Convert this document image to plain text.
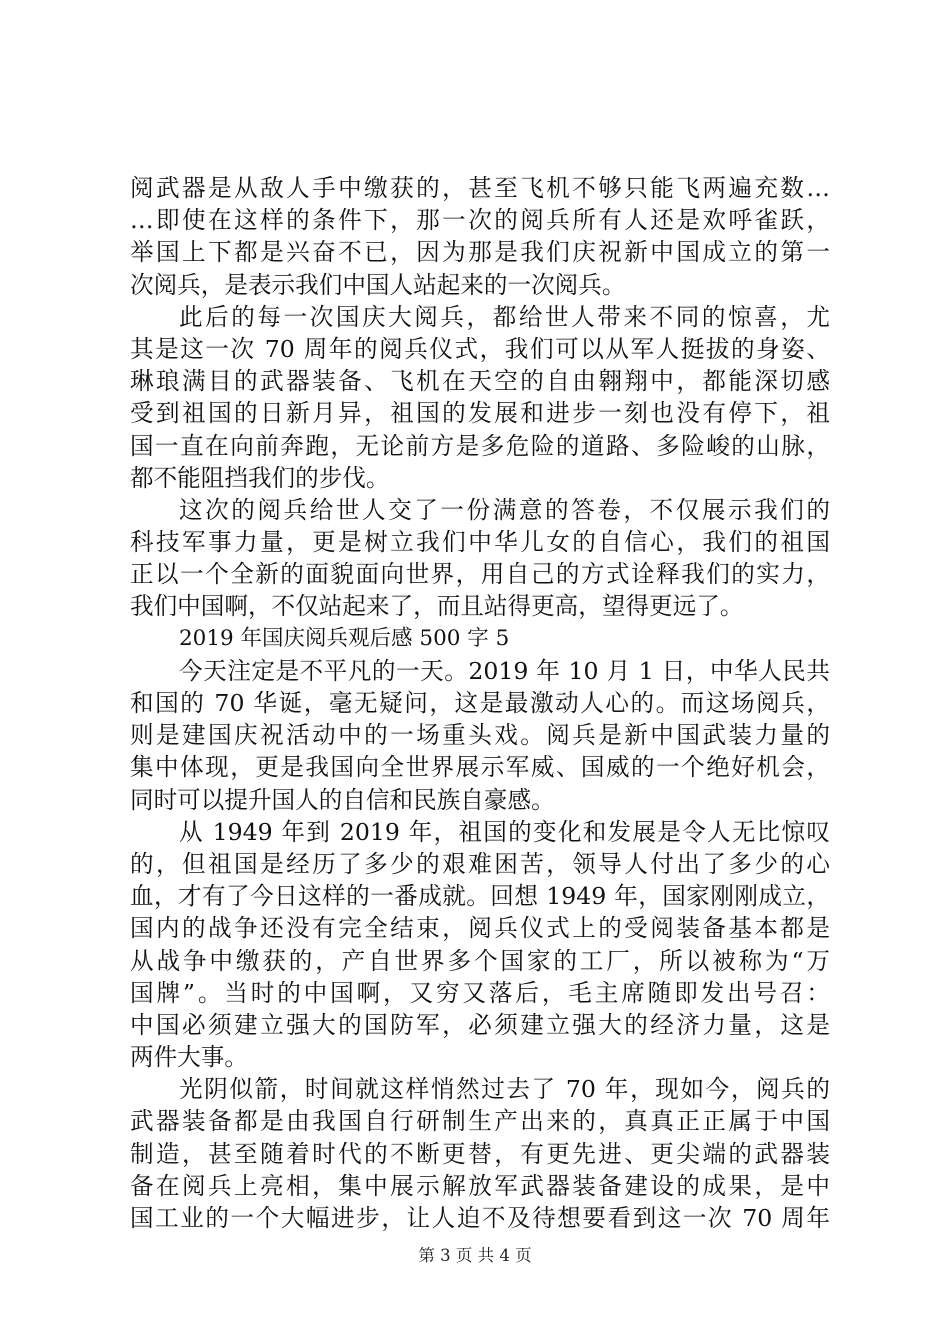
阅武器是从敌人手中缴获的，甚至飞机不够只能飞两遍充数…
…即使在这样的条件下，那一次的阅兵所有人还是欢呼雀跃，
举国上下都是兴奋不已，因为那是我们庆祝新中国成立的第一
次阅兵，是表示我们中国人站起来的一次阅兵。
此后的每一次国庆大阅兵，都给世人带来不同的惊喜，尤
其是这一次 70 周年的阅兵仪式，我们可以从军人挺拔的身姿、
琳琅满目的武器装备、飞机在天空的自由翱翔中，都能深切感
受到祖国的日新月异，祖国的发展和进步一刻也没有停下，祖
国一直在向前奔跑，无论前方是多危险的道路、多险峻的山脉，
都不能阻挡我们的步伐。
这次的阅兵给世人交了一份满意的答卷，不仅展示我们的
科技军事力量，更是树立我们中华儿女的自信心，我们的祖国
正以一个全新的面貌面向世界，用自己的方式诠释我们的实力，
我们中国啊，不仅站起来了，而且站得更高，望得更远了。
2019 年国庆阅兵观后感 500 字 5
今天注定是不平凡的一天。2019 年 10 月 1 日，中华人民共
和国的 70 华诞，毫无疑问，这是最激动人心的。而这场阅兵，
则是建国庆祝活动中的一场重头戏。阅兵是新中国武装力量的
集中体现，更是我国向全世界展示军威、国威的一个绝好机会，
同时可以提升国人的自信和民族自豪感。
从 1949 年到 2019 年，祖国的变化和发展是令人无比惊叹
的，但祖国是经历了多少的艰难困苦，领导人付出了多少的心
血，才有了今日这样的一番成就。回想 1949 年，国家刚刚成立，
国内的战争还没有完全结束，阅兵仪式上的受阅装备基本都是
从战争中缴获的，产自世界多个国家的工厂，所以被称为“万
国牌”。当时的中国啊，又穷又落后，毛主席随即发出号召：
中国必须建立强大的国防军，必须建立强大的经济力量，这是
两件大事。
光阴似箭，时间就这样悄然过去了 70 年，现如今，阅兵的
武器装备都是由我国自行研制生产出来的，真真正正属于中国
制造，甚至随着时代的不断更替，有更先进、更尖端的武器装
备在阅兵上亮相，集中展示解放军武器装备建设的成果，是中
国工业的一个大幅进步，让人迫不及待想要看到这一次 70 周年
第 3 页 共 4 页
